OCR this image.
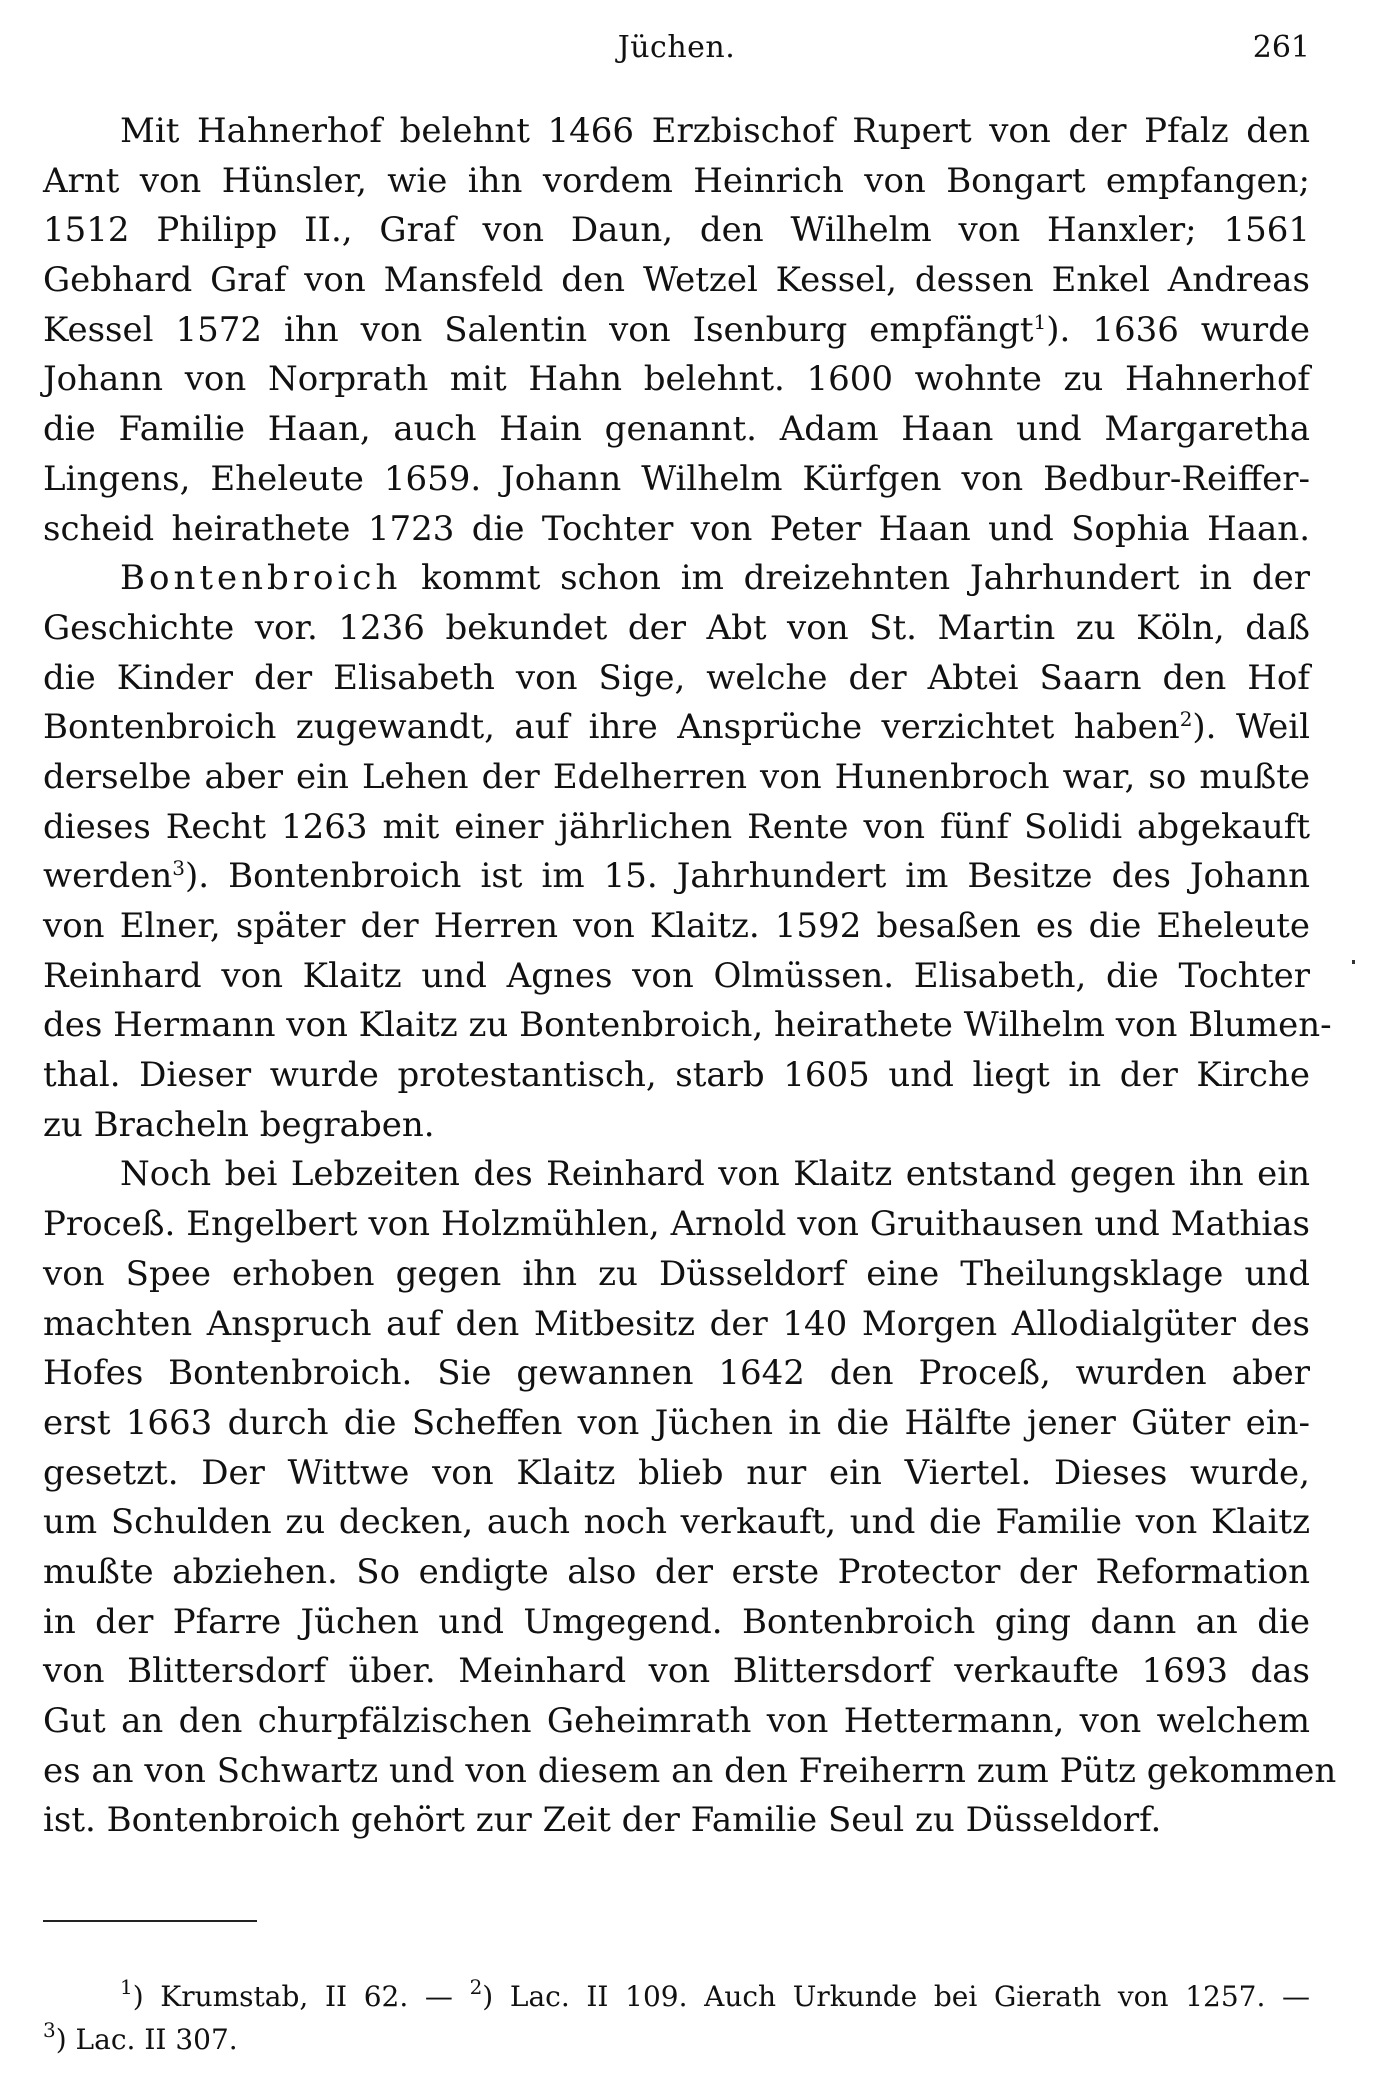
Jüchen.	261
Mit Hahnerhof belehnt 1466 Erzbischof Rupert von der Pfalz den
Arnt von Hünsler, wie ihn vordem Heinrich von Bongart empfangen;
1512 Philipp II., Graf von Daun, den Wilhelm von Hanxler; 1561
Gebhard Graf von Mansfeld den Wetzel Kessel, dessen Enkel Andreas
Kessel 1572 ihn von Salentin von Isenburg empfängt$^1$). 1636 wurde
Johann von Norprath mit Hahn belehnt. 1600 wohnte zu Hahnerhof
die Familie Haan, auch Hain genannt. Adam Haan und Margaretha
Lingens, Eheleute 1659. Johann Wilhelm Kürfgen von Bedbur-Reiffer-
scheid heirathete 1723 die Tochter von Peter Haan und Sophia Haan.
Bontenbroich kommt schon im dreizehnten Jahrhundert in der
Geschichte vor. 1236 bekundet der Abt von St. Martin zu Köln, daß
die Kinder der Elisabeth von Sige, welche der Abtei Saarn den Hof
Bontenbroich zugewandt, auf ihre Ansprüche verzichtet haben$^2$). Weil
derselbe aber ein Lehen der Edelherren von Hunenbroch war, so mußte
dieses Recht 1263 mit einer jährlichen Rente von fünf Solidi abgekauft
werden$^3$). Bontenbroich ist im 15. Jahrhundert im Besitze des Johann
von Elner, später der Herren von Klaitz. 1592 besaßen es die Eheleute
Reinhard von Klaitz und Agnes von Olmüssen. Elisabeth, die Tochter
des Hermann von Klaitz zu Bontenbroich, heirathete Wilhelm von Blumen-
thal. Dieser wurde protestantisch, starb 1605 und liegt in der Kirche
zu Bracheln begraben.
Noch bei Lebzeiten des Reinhard von Klaitz entstand gegen ihn ein
Proceß. Engelbert von Holzmühlen, Arnold von Gruithausen und Mathias
von Spee erhoben gegen ihn zu Düsseldorf eine Theilungsklage und
machten Anspruch auf den Mitbesitz der 140 Morgen Allodialgüter des
Hofes Bontenbroich. Sie gewannen 1642 den Proceß, wurden aber
erst 1663 durch die Scheffen von Jüchen in die Hälfte jener Güter ein-
gesetzt. Der Wittwe von Klaitz blieb nur ein Viertel. Dieses wurde,
um Schulden zu decken, auch noch verkauft, und die Familie von Klaitz
mußte abziehen. So endigte also der erste Protector der Reformation
in der Pfarre Jüchen und Umgegend. Bontenbroich ging dann an die
von Blittersdorf über. Meinhard von Blittersdorf verkaufte 1693 das
Gut an den churpfälzischen Geheimrath von Hettermann, von welchem
es an von Schwartz und von diesem an den Freiherrn zum Pütz gekommen
ist. Bontenbroich gehört zur Zeit der Familie Seul zu Düsseldorf.
$^1$) Krumstab, II 62. — $^2$) Lac. II 109. Auch Urkunde bei Gierath von 1257. —
$^3$) Lac. II 307.
